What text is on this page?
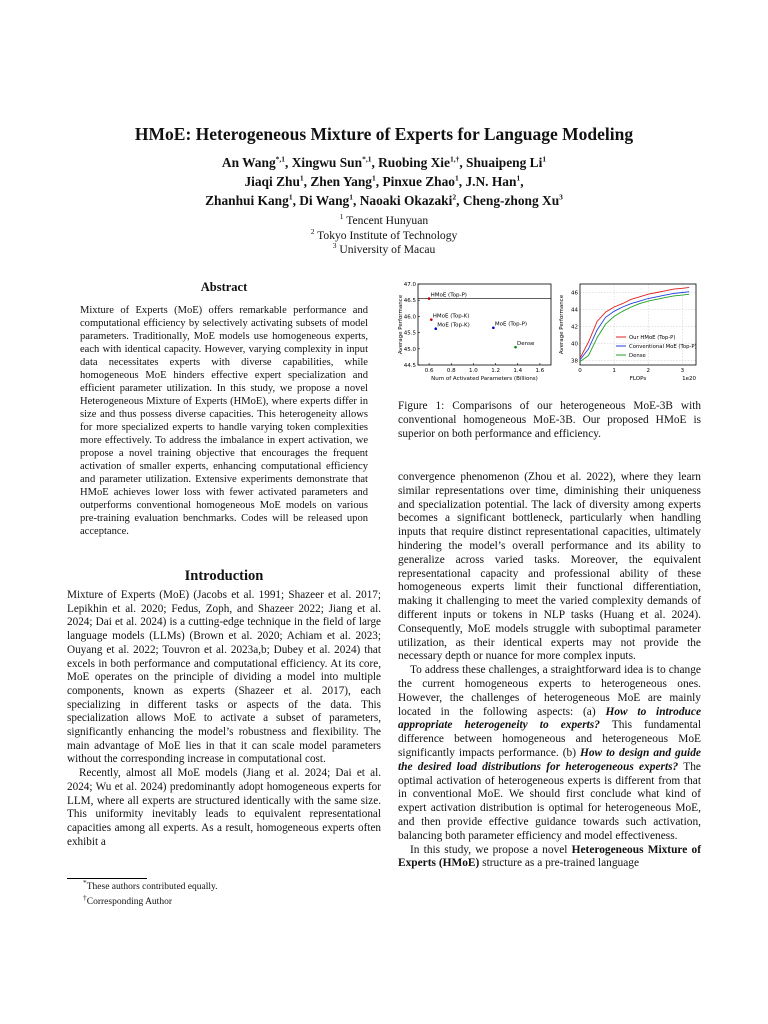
HMoE: Heterogeneous Mixture of Experts for Language Modeling
An Wang$^{*,1}$, Xingwu Sun$^{*,1}$, Ruobing Xie$^{1,\dagger}$, Shuaipeng Li$^1$
Jiaqi Zhu$^1$, Zhen Yang$^1$, Pinxue Zhao$^1$, J.N. Han$^1$,
Zhanhui Kang$^1$, Di Wang$^1$, Naoaki Okazaki$^2$, Cheng-zhong Xu$^3$
$^1$ Tencent Hunyuan
$^2$ Tokyo Institute of Technology
$^3$ University of Macau
Abstract

Mixture of Experts (MoE) offers remarkable performance and computational efficiency by selectively activating subsets of model parameters. Traditionally, MoE models use homogeneous experts, each with identical capacity. However, varying complexity in input data necessitates experts with diverse capabilities, while homogeneous MoE hinders effective expert specialization and efficient parameter utilization. In this study, we propose a novel Heterogeneous Mixture of Experts (HMoE), where experts differ in size and thus possess diverse capacities. This heterogeneity allows for more specialized experts to handle varying token complexities more effectively. To address the imbalance in expert activation, we propose a novel training objective that encourages the frequent activation of smaller experts, enhancing computational efficiency and parameter utilization. Extensive experiments demonstrate that HMoE achieves lower loss with fewer activated parameters and outperforms conventional homogeneous MoE models on various pre-training evaluation benchmarks. Codes will be released upon acceptance.

Introduction

Mixture of Experts (MoE) (Jacobs et al. 1991; Shazeer et al. 2017; Lepikhin et al. 2020; Fedus, Zoph, and Shazeer 2022; Jiang et al. 2024; Dai et al. 2024) is a cutting-edge technique in the field of large language models (LLMs) (Brown et al. 2020; Achiam et al. 2023; Ouyang et al. 2022; Touvron et al. 2023a,b; Dubey et al. 2024) that excels in both performance and computational efficiency. At its core, MoE operates on the principle of dividing a model into multiple components, known as experts (Shazeer et al. 2017), each specializing in different tasks or aspects of the data. This specialization allows MoE to activate a subset of parameters, significantly enhancing the model’s robustness and flexibility. The main advantage of MoE lies in that it can scale model parameters without the corresponding increase in computational cost.

Recently, almost all MoE models (Jiang et al. 2024; Dai et al. 2024; Wu et al. 2024) predominantly adopt homogeneous experts for LLM, where all experts are structured identically with the same size. This uniformity inevitably leads to equivalent representational capacities among all experts. As a result, homogeneous experts often exhibit a

*These authors contributed equally.
†Corresponding Author
44.5
45.0
45.5
46.0
46.5
47.0
0.6 0.8 1.0 1.2 1.4 1.6
Num of Activated Parameters (Billions)
Average Performance	HMoE (Top-P)
HMoE (Top-K)
MoE (Top-K)	MoE (Top-P)
Dense
38
40
42
44
46
0	1	2	3
FLOPs	1e20
Average Performance	Our HMoE (Top-P)
Conventional MoE (Top-P)
Dense
Figure 1: Comparisons of our heterogeneous MoE-3B with conventional homogeneous MoE-3B. Our proposed HMoE is superior on both performance and efficiency.

convergence phenomenon (Zhou et al. 2022), where they learn similar representations over time, diminishing their uniqueness and specialization potential. The lack of diversity among experts becomes a significant bottleneck, particularly when handling inputs that require distinct representational capacities, ultimately hindering the model’s overall performance and its ability to generalize across varied tasks. Moreover, the equivalent representational capacity and professional ability of these homogeneous experts limit their functional differentiation, making it challenging to meet the varied complexity demands of different inputs or tokens in NLP tasks (Huang et al. 2024). Consequently, MoE models struggle with suboptimal parameter utilization, as their identical experts may not provide the necessary depth or nuance for more complex inputs.

To address these challenges, a straightforward idea is to change the current homogeneous experts to heterogeneous ones. However, the challenges of heterogeneous MoE are mainly located in the following aspects: (a) How to introduce appropriate heterogeneity to experts? This fundamental difference between homogeneous and heterogeneous MoE significantly impacts performance. (b) How to design and guide the desired load distributions for heterogeneous experts? The optimal activation of heterogeneous experts is different from that in conventional MoE. We should first conclude what kind of expert activation distribution is optimal for heterogeneous MoE, and then provide effective guidance towards such activation, balancing both parameter efficiency and model effectiveness.

In this study, we propose a novel Heterogeneous Mixture of Experts (HMoE) structure as a pre-trained language
